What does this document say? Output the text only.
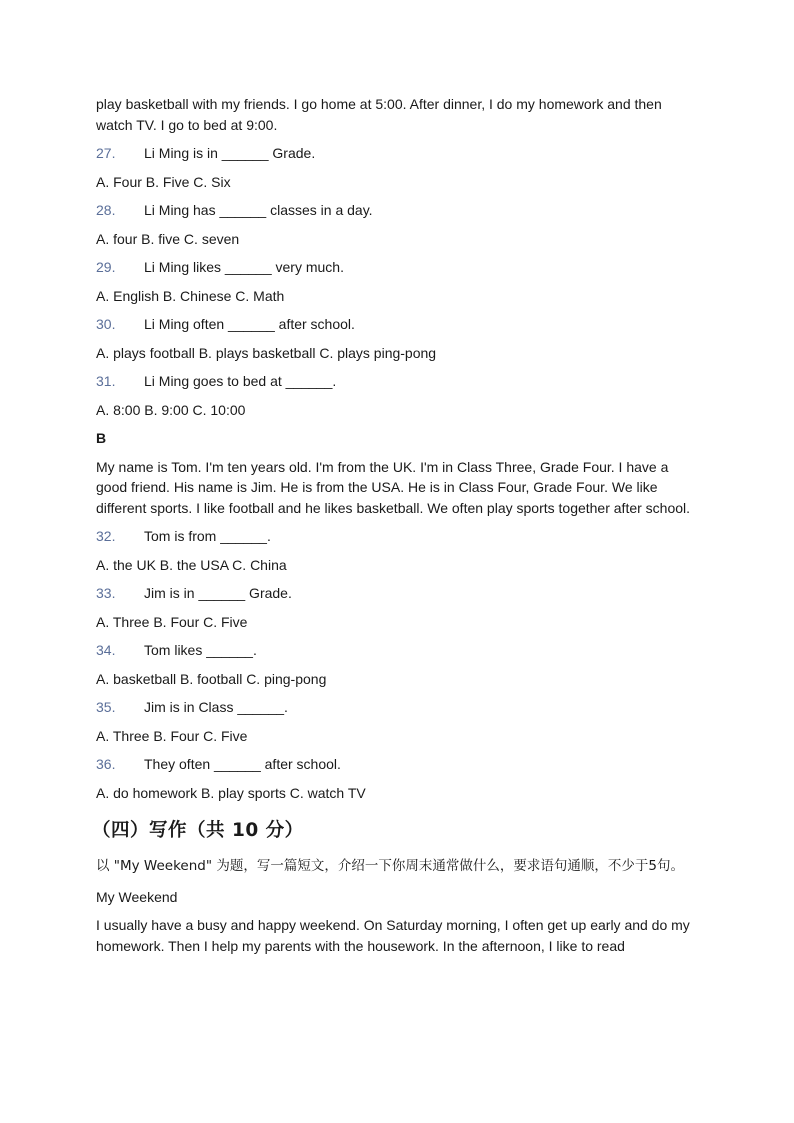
play basketball with my friends. I go home at 5:00. After dinner, I do my homework and then watch TV. I go to bed at 9:00.

27.	Li Ming is in ______ Grade.

A. Four B. Five C. Six

28.	Li Ming has ______ classes in a day.

A. four B. five C. seven

29.	Li Ming likes ______ very much.

A. English B. Chinese C. Math

30.	Li Ming often ______ after school.

A. plays football B. plays basketball C. plays ping-pong

31.	Li Ming goes to bed at ______.

A. 8:00 B. 9:00 C. 10:00

B

My name is Tom. I'm ten years old. I'm from the UK. I'm in Class Three, Grade Four. I have a good friend. His name is Jim. He is from the USA. He is in Class Four, Grade Four. We like different sports. I like football and he likes basketball. We often play sports together after school.

32.	Tom is from ______.

A. the UK B. the USA C. China

33.	Jim is in ______ Grade.

A. Three B. Four C. Five

34.	Tom likes ______.

A. basketball B. football C. ping-pong

35.	Jim is in Class ______.

A. Three B. Four C. Five

36.	They often ______ after school.

A. do homework B. play sports C. watch TV

（四）写作（共 10 分）

以 "My Weekend" 为题，写一篇短文，介绍一下你周末通常做什么，要求语句通顺，不少于5句。

My Weekend

I usually have a busy and happy weekend. On Saturday morning, I often get up early and do my homework. Then I help my parents with the housework. In the afternoon, I like to read
